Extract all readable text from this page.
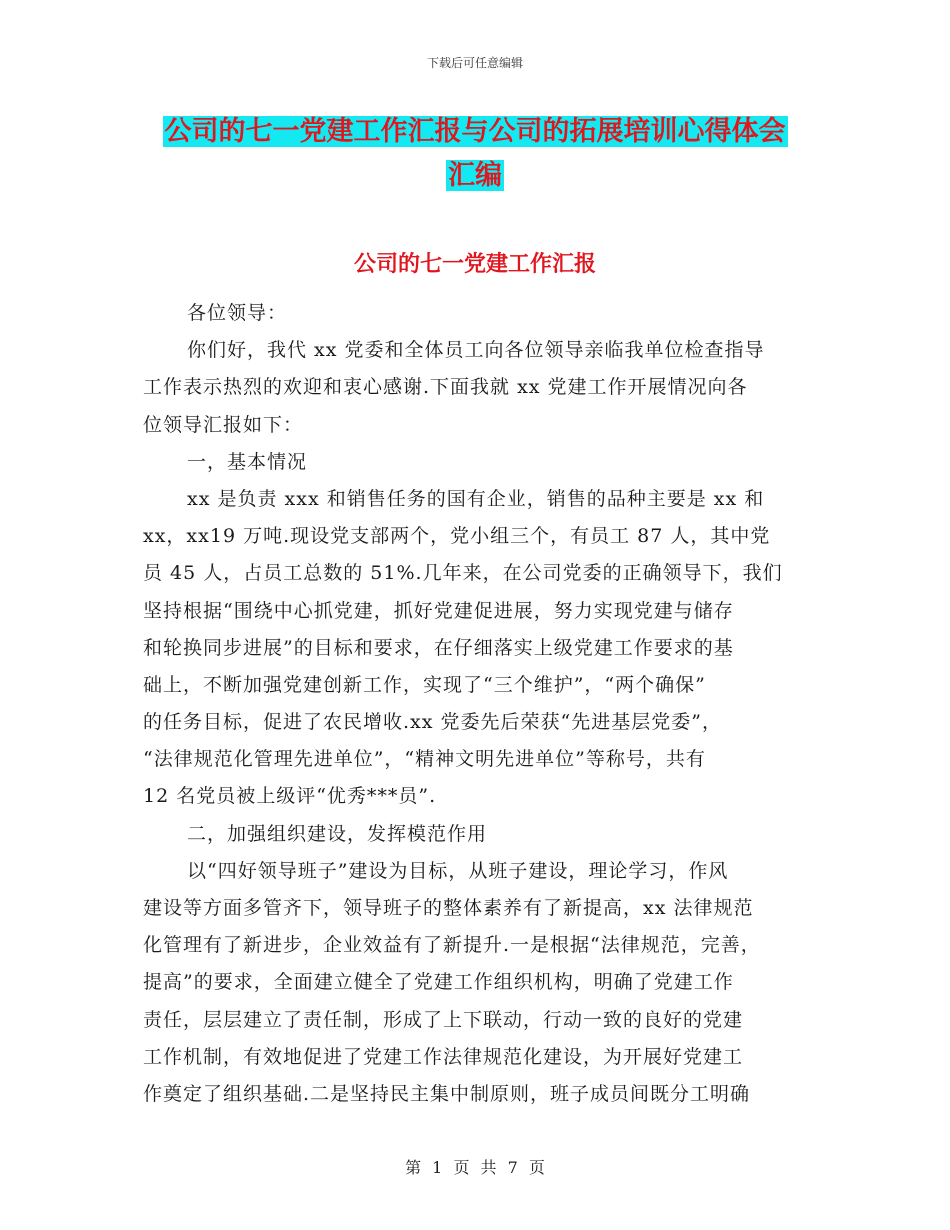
下载后可任意编辑
公司的七一党建工作汇报与公司的拓展培训心得体会
汇编
公司的七一党建工作汇报
各位领导：
你们好，我代 xx 党委和全体员工向各位领导亲临我单位检查指导
工作表示热烈的欢迎和衷心感谢.下面我就 xx 党建工作开展情况向各
位领导汇报如下：
一，基本情况
xx 是负责 xxx 和销售任务的国有企业，销售的品种主要是 xx 和
xx，xx19 万吨.现设党支部两个，党小组三个，有员工 87 人，其中党
员 45 人，占员工总数的 51%.几年来，在公司党委的正确领导下，我们
坚持根据“围绕中心抓党建，抓好党建促进展，努力实现党建与储存
和轮换同步进展”的目标和要求，在仔细落实上级党建工作要求的基
础上，不断加强党建创新工作，实现了“三个维护”，“两个确保”
的任务目标，促进了农民增收.xx 党委先后荣获“先进基层党委”，
“法律规范化管理先进单位”，“精神文明先进单位”等称号，共有
12 名党员被上级评“优秀***员”.
二，加强组织建设，发挥模范作用
以“四好领导班子”建设为目标，从班子建设，理论学习，作风
建设等方面多管齐下，领导班子的整体素养有了新提高，xx 法律规范
化管理有了新进步，企业效益有了新提升.一是根据“法律规范，完善，
提高”的要求，全面建立健全了党建工作组织机构，明确了党建工作
责任，层层建立了责任制，形成了上下联动，行动一致的良好的党建
工作机制，有效地促进了党建工作法律规范化建设，为开展好党建工
作奠定了组织基础.二是坚持民主集中制原则，班子成员间既分工明确
第 1 页 共 7 页
